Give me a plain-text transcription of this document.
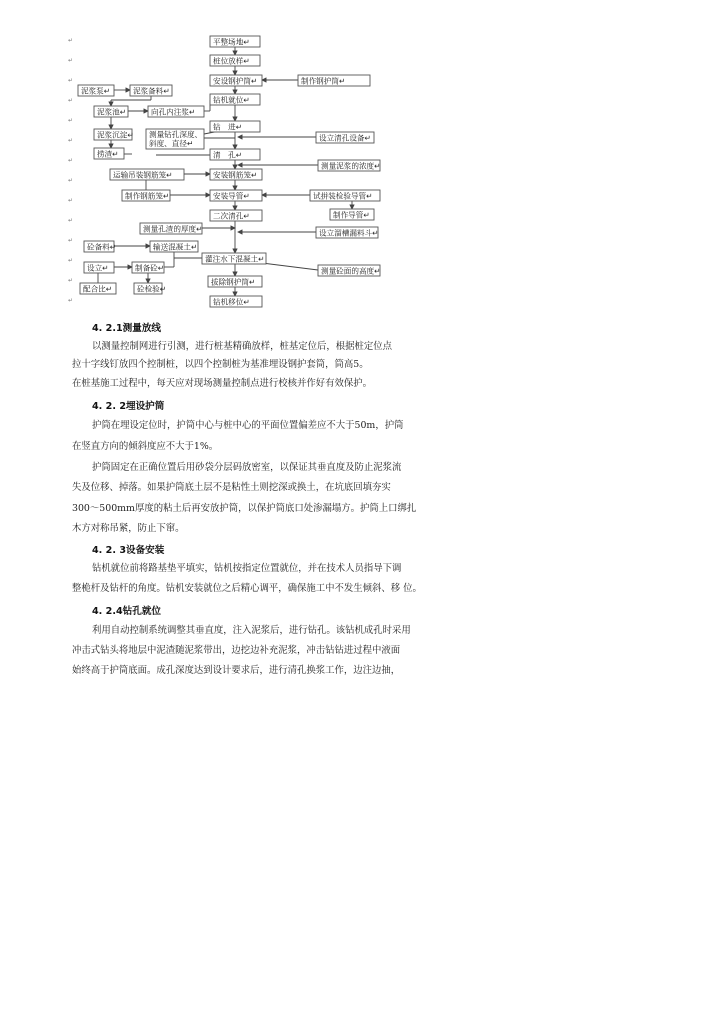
平整场地↵
桩位放样↵
安设钢护筒↵	制作钢护筒↵
泥浆泵↵	泥浆备料↵
钻机就位↵
泥浆池↵	向孔内注浆↵
钻　进↵
泥浆沉淀↵ 测量钻孔深度、
斜度、直径↵
设立清孔设备↵
捞渣↵	清　孔↵
测量泥浆的浓度↵
运输吊装钢筋笼↵	安装钢筋笼↵
制作钢筋笼↵	安装导管↵	试拼装检验导管↵
二次清孔↵	制作导管↵
测量孔渣的厚度↵	设立溜槽漏料斗↵
砼备料↵	输送混凝土↵
设立↵	制备砼↵
灌注水下混凝土↵
测量砼面的高度↵
配合比↵	砼检验↵
拔除钢护筒↵
钻机移位↵
↵
↵
↵
↵
↵
↵
↵
↵
↵
↵
↵
↵
↵
↵
4. 2.1测量放线
以测量控制网进行引测，进行桩基精确放样，桩基定位后，根据桩定位点
拉十字线钉放四个控制桩，以四个控制桩为基准埋设钢护套筒，筒高5。
在桩基施工过程中，每天应对现场测量控制点进行校核并作好有效保护。
4. 2. 2埋设护筒
护筒在埋设定位时，护筒中心与桩中心的平面位置偏差应不大于50m，护筒
在竖直方向的倾斜度应不大于1%。
护筒固定在正确位置后用砂袋分层码放密室，以保证其垂直度及防止泥浆流
失及位移、掉落。如果护筒底土层不是粘性土则挖深或换土，在坑底回填夯实
300～500mm厚度的粘土后再安放护筒，以保护筒底口处渗漏塌方。护筒上口绑扎
木方对称吊紧，防止下窜。
4. 2. 3设备安装
钻机就位前将路基垫平填实，钻机按指定位置就位，并在技术人员指导下调
整桅杆及钻杆的角度。钻机安装就位之后精心调平，确保施工中不发生倾斜、移 位。
4. 2.4钻孔就位
利用自动控制系统调整其垂直度，注入泥浆后，进行钻孔。该钻机成孔时采用
冲击式钻头将地层中泥渣随泥浆带出，边挖边补充泥浆，冲击钻钻进过程中液面
始终高于护筒底面。成孔深度达到设计要求后，进行清孔换浆工作，边注边抽，
